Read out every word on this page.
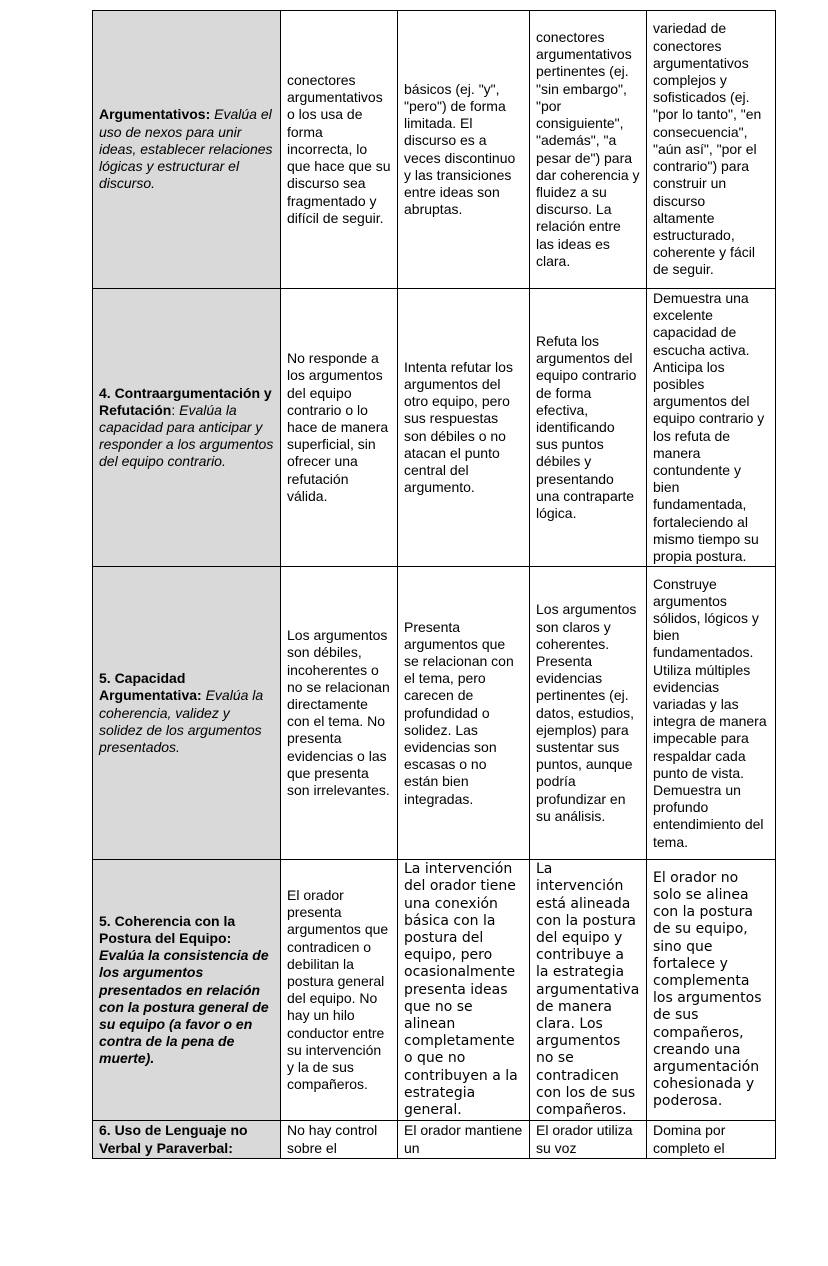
Argumentativos: Evalúa el uso de nexos para unir ideas, establecer relaciones lógicas y estructurar el discurso.	conectores argumentativos o los usa de forma incorrecta, lo que hace que su discurso sea fragmentado y difícil de seguir.	básicos (ej. "y", "pero") de forma limitada. El discurso es a veces discontinuo y las transiciones entre ideas son abruptas.	conectores argumentativos pertinentes (ej. "sin embargo", "por consiguiente", "además", "a pesar de") para dar coherencia y fluidez a su discurso. La relación entre las ideas es clara.	variedad de conectores argumentativos complejos y sofisticados (ej. "por lo tanto", "en consecuencia", "aún así", "por el contrario") para construir un discurso altamente estructurado, coherente y fácil de seguir.
4. Contraargumentación y Refutación: Evalúa la capacidad para anticipar y responder a los argumentos del equipo contrario.	No responde a los argumentos del equipo contrario o lo hace de manera superficial, sin ofrecer una refutación válida.	Intenta refutar los argumentos del otro equipo, pero sus respuestas son débiles o no atacan el punto central del argumento.	Refuta los argumentos del equipo contrario de forma efectiva, identificando sus puntos débiles y presentando una contraparte lógica.	Demuestra una excelente capacidad de escucha activa. Anticipa los posibles argumentos del equipo contrario y los refuta de manera contundente y bien fundamentada, fortaleciendo al mismo tiempo su propia postura.
5. Capacidad Argumentativa: Evalúa la coherencia, validez y solidez de los argumentos presentados.	Los argumentos son débiles, incoherentes o no se relacionan directamente con el tema. No presenta evidencias o las que presenta son irrelevantes.	Presenta argumentos que se relacionan con el tema, pero carecen de profundidad o solidez. Las evidencias son escasas o no están bien integradas.	Los argumentos son claros y coherentes. Presenta evidencias pertinentes (ej. datos, estudios, ejemplos) para sustentar sus puntos, aunque podría profundizar en su análisis.	Construye argumentos sólidos, lógicos y bien fundamentados. Utiliza múltiples evidencias variadas y las integra de manera impecable para respaldar cada punto de vista. Demuestra un profundo entendimiento del tema.
5. Coherencia con la Postura del Equipo: Evalúa la consistencia de los argumentos presentados en relación con la postura general de su equipo (a favor o en contra de la pena de muerte).	El orador presenta argumentos que contradicen o debilitan la postura general del equipo. No hay un hilo conductor entre su intervención y la de sus compañeros.	La intervención del orador tiene una conexión básica con la postura del equipo, pero ocasionalmente presenta ideas que no se alinean completamente o que no contribuyen a la estrategia general.	La intervención está alineada con la postura del equipo y contribuye a la estrategia argumentativa de manera clara. Los argumentos no se contradicen con los de sus compañeros.	El orador no solo se alinea con la postura de su equipo, sino que fortalece y complementa los argumentos de sus compañeros, creando una argumentación cohesionada y poderosa.
6. Uso de Lenguaje no Verbal y Paraverbal:	No hay control sobre el	El orador mantiene un	El orador utiliza su voz	Domina por completo el
